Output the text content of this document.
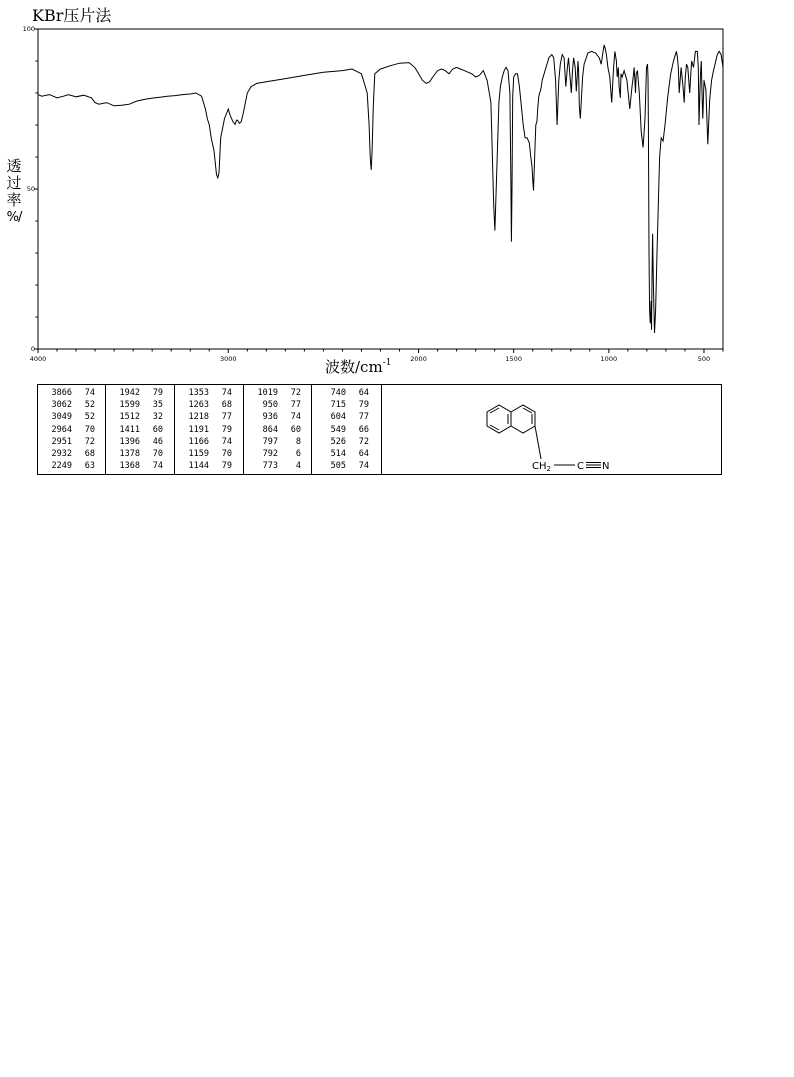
KBr压片法
透
过
率
%/
4000	3000	2000	1500	1000	500
0
50
100
波数$/cm^{-1}$
3866	74
3062	52
3049	52
2964	70
2951	72
2932	68
2249	63
1942	79
1599	35
1512	32
1411	60
1396	46
1378	70
1368	74
1353	74
1263	68
1218	77
1191	79
1166	74
1159	70
1144	79
1019	72
950	77
936	74
864	60
797	8
792	6
773	4
740	64
715	79
604	77
549	66
526	72
514	64
505	74	$CH_2$	C N
